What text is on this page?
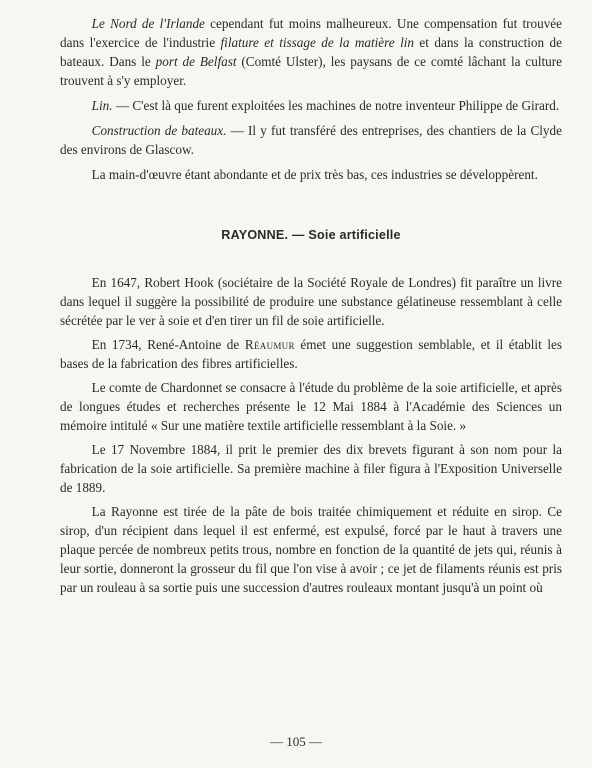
Le Nord de l'Irlande cependant fut moins malheureux. Une compensation fut trouvée dans l'exercice de l'industrie filature et tissage de la matière lin et dans la construction de bateaux. Dans le port de Belfast (Comté Ulster), les paysans de ce comté lâchant la culture trouvent à s'y employer.

Lin. — C'est là que furent exploitées les machines de notre inventeur Philippe de Girard.

Construction de bateaux. — Il y fut transféré des entreprises, des chantiers de la Clyde des environs de Glascow.

La main-d'œuvre étant abondante et de prix très bas, ces industries se développèrent.

RAYONNE. — Soie artificielle

En 1647, Robert Hook (sociétaire de la Société Royale de Londres) fit paraître un livre dans lequel il suggère la possibilité de produire une substance gélatineuse ressemblant à celle sécrétée par le ver à soie et d'en tirer un fil de soie artificielle.

En 1734, René-Antoine de Réaumur émet une suggestion semblable, et il établit les bases de la fabrication des fibres artificielles.

Le comte de Chardonnet se consacre à l'étude du problème de la soie artificielle, et après de longues études et recherches présente le 12 Mai 1884 à l'Académie des Sciences un mémoire intitulé « Sur une matière textile artificielle ressemblant à la Soie. »

Le 17 Novembre 1884, il prit le premier des dix brevets figurant à son nom pour la fabrication de la soie artificielle. Sa première machine à filer figura à l'Exposition Universelle de 1889.

La Rayonne est tirée de la pâte de bois traitée chimiquement et réduite en sirop. Ce sirop, d'un récipient dans lequel il est enfermé, est expulsé, forcé par le haut à travers une plaque percée de nombreux petits trous, nombre en fonction de la quantité de jets qui, réunis à leur sortie, donneront la grosseur du fil que l'on vise à avoir ; ce jet de filaments réunis est pris par un rouleau à sa sortie puis une succession d'autres rouleaux montant jusqu'à un point où

— 105 —
